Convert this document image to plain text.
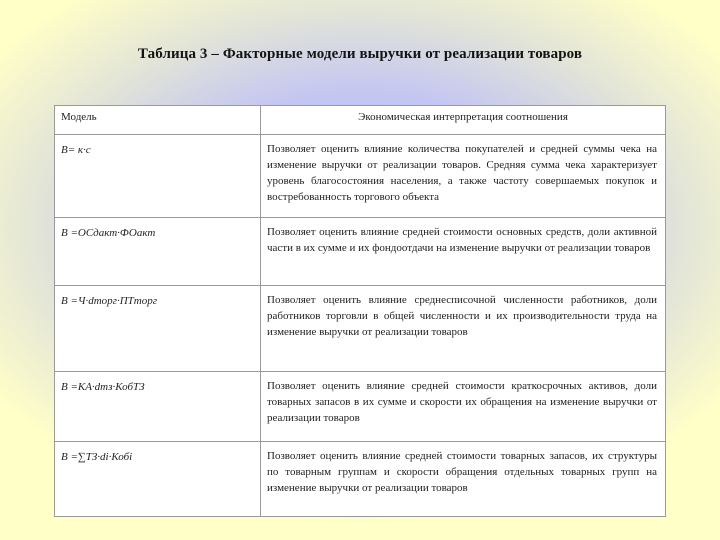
Таблица 3 – Факторные модели выручки от реализации товаров
Модель	Экономическая интерпретация соотношения
В= к·с	Позволяет оценить влияние количества покупателей и средней суммы чека на изменение выручки от реализации товаров. Средняя сумма чека характеризует уровень благосостояния населения, а также частоту совершаемых покупок и востребованность торгового объекта
В =ОСдакт·ФОакт	Позволяет оценить влияние средней стоимости основных средств, доли активной части в их сумме и их фондоотдачи на изменение выручки от реализации товаров
В =Ч·dторг·ПТторг	Позволяет оценить влияние среднесписочной численности работников, доли работников торговли в общей численности и их производительности труда на изменение выручки от реализации товаров
В =КА·dтз·КобТЗ	Позволяет оценить влияние средней стоимости краткосрочных активов, доли товарных запасов в их сумме и скорости их обращения на изменение выручки от реализации товаров
В =∑ТЗ·di·Кобi	Позволяет оценить влияние средней стоимости товарных запасов, их структуры по товарным группам и скорости обращения отдельных товарных групп на изменение выручки от реализации товаров
